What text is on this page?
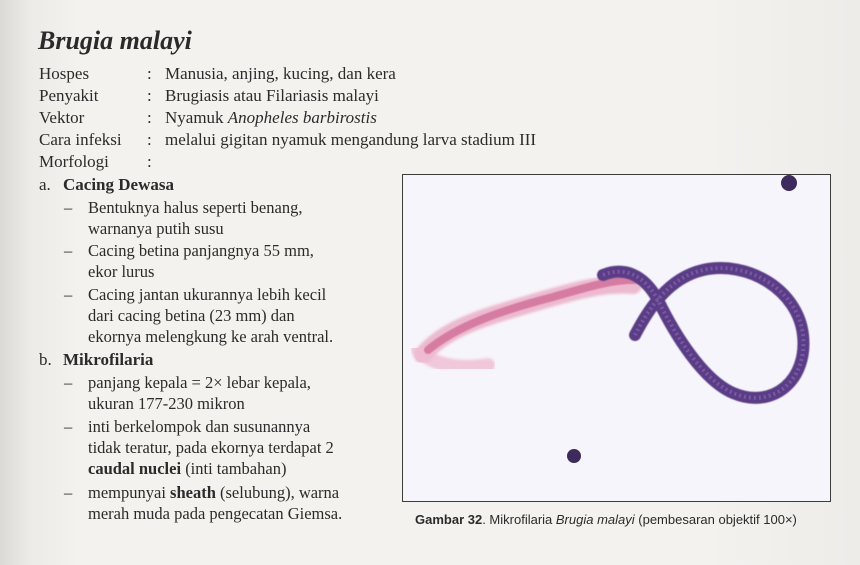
Brugia malayi
Hospes	: Manusia, anjing, kucing, dan kera
Penyakit	: Brugiasis atau Filariasis malayi
Vektor	: Nyamuk Anopheles barbirostis
Cara infeksi : melalui gigitan nyamuk mengandung larva stadium III
Morfologi :
a. Cacing Dewasa
– Bentuknya halus seperti benang,
warnanya putih susu
– Cacing betina panjangnya 55 mm,
ekor lurus
– Cacing jantan ukurannya lebih kecil
dari cacing betina (23 mm) dan
ekornya melengkung ke arah ventral.
b. Mikrofilaria
– panjang kepala = 2× lebar kepala,
ukuran 177-230 mikron
– inti berkelompok dan susunannya
tidak teratur, pada ekornya terdapat 2
caudal nuclei (inti tambahan)
– mempunyai sheath (selubung), warna
merah muda pada pengecatan Giemsa.	Gambar 32. Mikrofilaria Brugia malayi (pembesaran objektif 100×)
